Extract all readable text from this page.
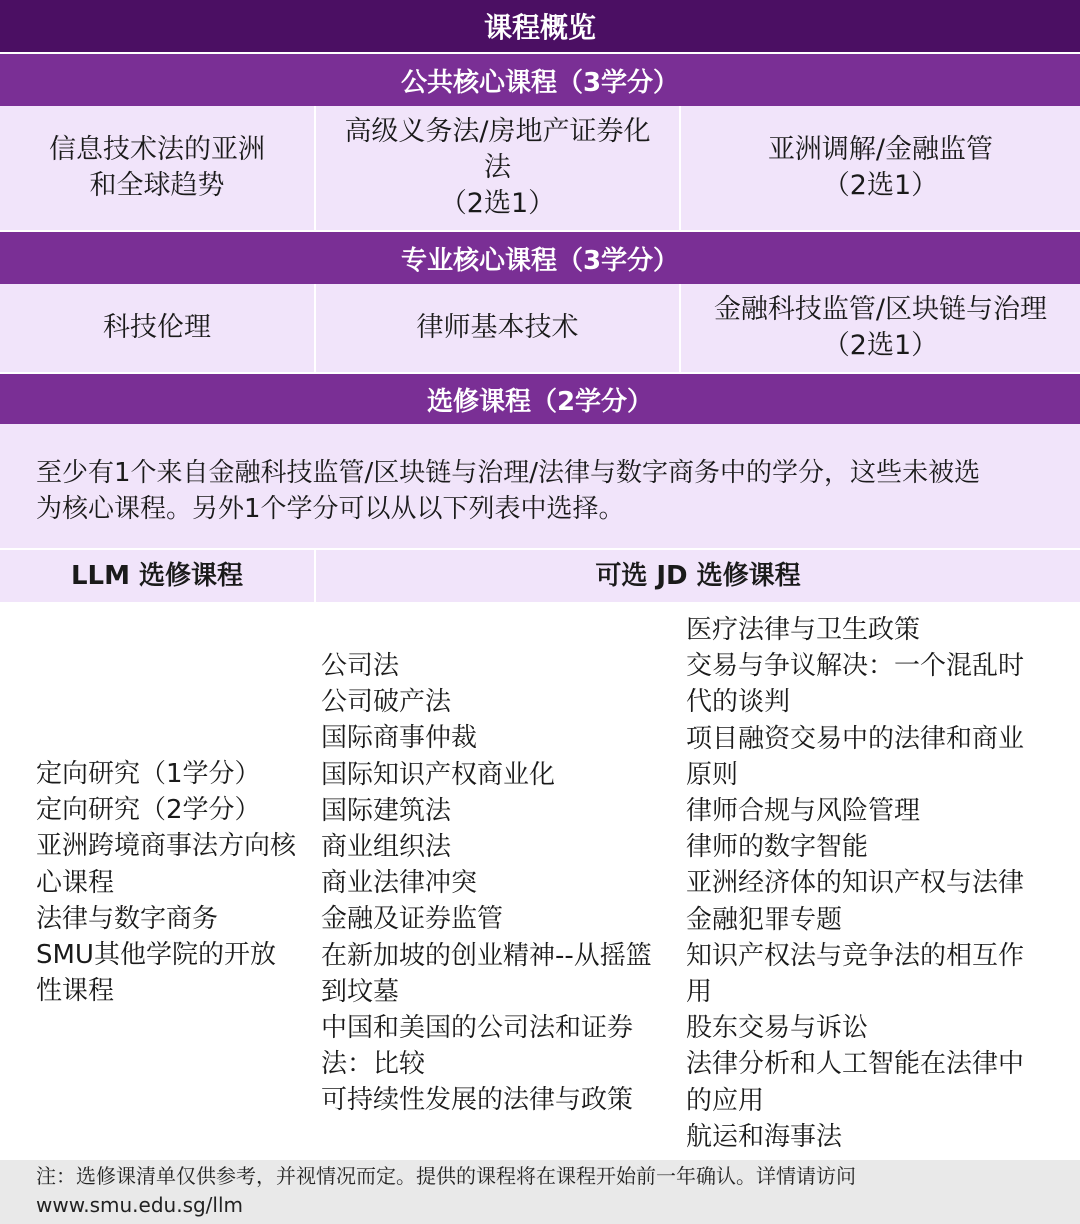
课程概览
公共核心课程（3学分）
信息技术法的亚洲
和全球趋势
高级义务法/房地产证券化法
（2选1）
亚洲调解/金融监管
（2选1）
专业核心课程（3学分）
科技伦理	律师基本技术
金融科技监管/区块链与治理
（2选1）
选修课程（2学分）
至少有1个来自金融科技监管/区块链与治理/法律与数字商务中的学分，这些未被选
为核心课程。另外1个学分可以从以下列表中选择。
LLM 选修课程	可选 JD 选修课程
定向研究（1学分）
定向研究（2学分）
亚洲跨境商事法方向核
心课程
法律与数字商务
SMU其他学院的开放
性课程
公司法
公司破产法
国际商事仲裁
国际知识产权商业化
国际建筑法
商业组织法
商业法律冲突
金融及证券监管
在新加坡的创业精神--从摇篮
到坟墓
中国和美国的公司法和证券
法：比较
可持续性发展的法律与政策
医疗法律与卫生政策
交易与争议解决：一个混乱时
代的谈判
项目融资交易中的法律和商业
原则
律师合规与风险管理
律师的数字智能
亚洲经济体的知识产权与法律
金融犯罪专题
知识产权法与竞争法的相互作
用
股东交易与诉讼
法律分析和人工智能在法律中
的应用
航运和海事法
注：选修课清单仅供参考，并视情况而定。提供的课程将在课程开始前一年确认。详情请访问
www.smu.edu.sg/llm
